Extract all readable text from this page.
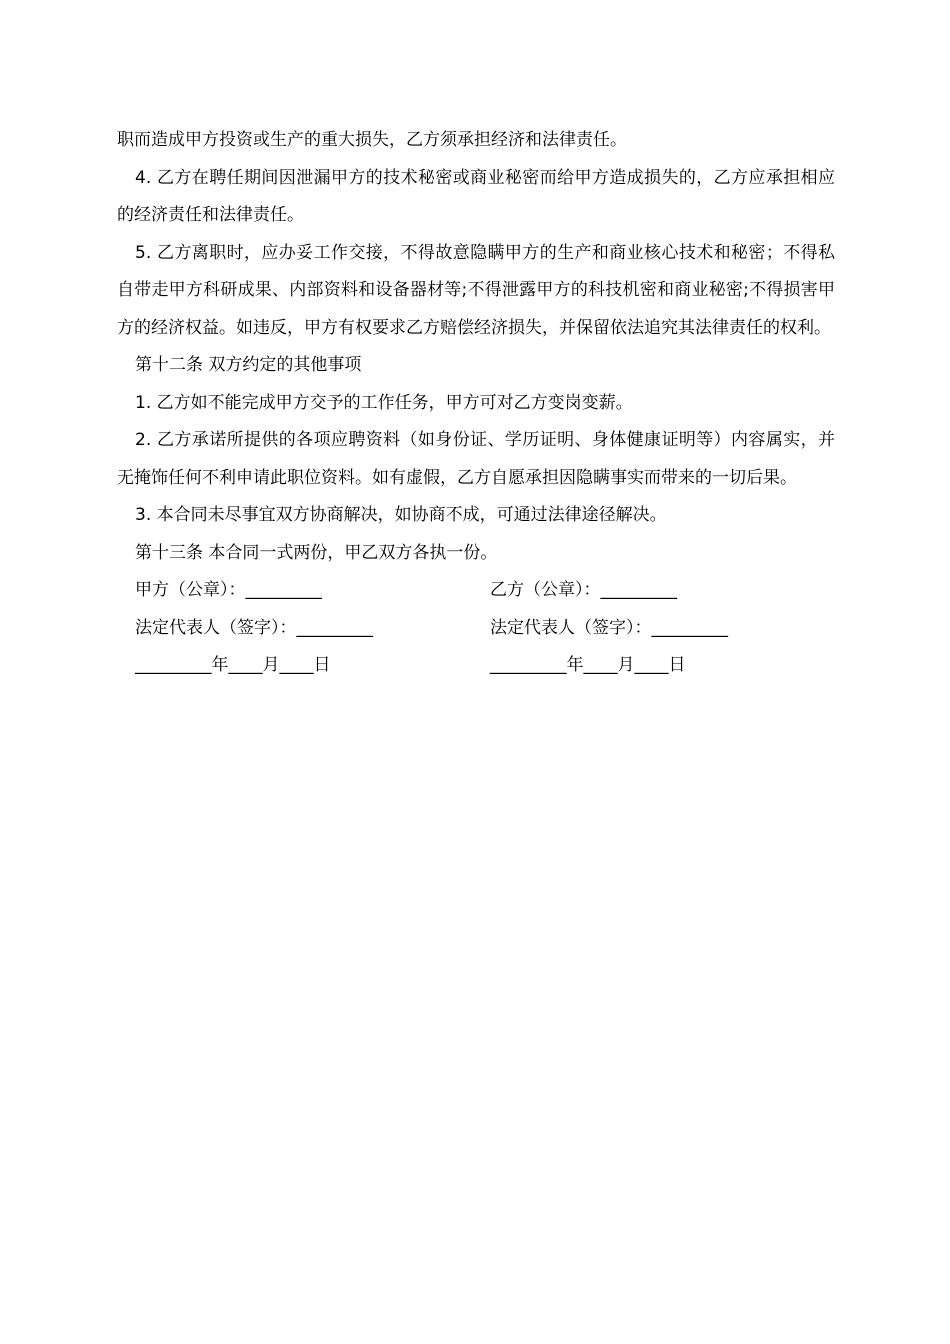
职而造成甲方投资或生产的重大损失，乙方须承担经济和法律责任。

4. 乙方在聘任期间因泄漏甲方的技术秘密或商业秘密而给甲方造成损失的，乙方应承担相应的经济责任和法律责任。

5. 乙方离职时，应办妥工作交接，不得故意隐瞒甲方的生产和商业核心技术和秘密；不得私自带走甲方科研成果、内部资料和设备器材等;不得泄露甲方的科技机密和商业秘密;不得损害甲方的经济权益。如违反，甲方有权要求乙方赔偿经济损失，并保留依法追究其法律责任的权利。

第十二条 双方约定的其他事项

1. 乙方如不能完成甲方交予的工作任务，甲方可对乙方变岗变薪。

2. 乙方承诺所提供的各项应聘资料（如身份证、学历证明、身体健康证明等）内容属实，并无掩饰任何不利申请此职位资料。如有虚假，乙方自愿承担因隐瞒事实而带来的一切后果。

3. 本合同未尽事宜双方协商解决，如协商不成，可通过法律途径解决。

第十三条 本合同一式两份，甲乙双方各执一份。

甲方（公章）：_________	乙方（公章）：_________
法定代表人（签字）：_________	法定代表人（签字）：_________
_________年____月____日	_________年____月____日
